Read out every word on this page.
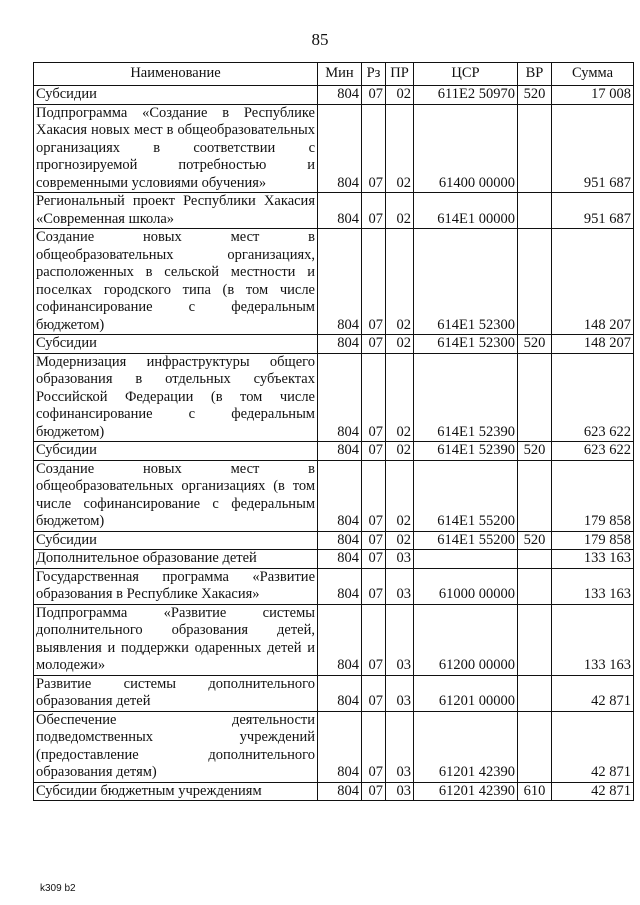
85
Наименование	Мин	Рз	ПР	ЦСР	ВР	Сумма
Субсидии	804	07	02	611E2 50970	520	17 008
Подпрограмма «Создание в Республике Хакасия новых мест в общеобразовательных организациях в соответствии с прогнозируемой потребностью и современными условиями обучения»	804	07	02	61400 00000		951 687
Региональный проект Республики Хакасия «Современная школа»	804	07	02	614E1 00000		951 687
Создание новых мест в общеобразовательных организациях, расположенных в сельской местности и поселках городского типа (в том числе софинансирование с федеральным бюджетом)	804	07	02	614E1 52300		148 207
Субсидии	804	07	02	614E1 52300	520	148 207
Модернизация инфраструктуры общего образования в отдельных субъектах Российской Федерации (в том числе софинансирование с федеральным бюджетом)	804	07	02	614E1 52390		623 622
Субсидии	804	07	02	614E1 52390	520	623 622
Создание новых мест в общеобразовательных организациях (в том числе софинансирование с федеральным бюджетом)	804	07	02	614E1 55200		179 858
Субсидии	804	07	02	614E1 55200	520	179 858
Дополнительное образование детей	804	07	03			133 163
Государственная программа «Развитие образования в Республике Хакасия»	804	07	03	61000 00000		133 163
Подпрограмма «Развитие системы дополнительного образования детей, выявления и поддержки одаренных детей и молодежи»	804	07	03	61200 00000		133 163
Развитие системы дополнительного образования детей	804	07	03	61201 00000		42 871
Обеспечение деятельности подведомственных учреждений (предоставление дополнительного образования детям)	804	07	03	61201 42390		42 871
Субсидии бюджетным учреждениям	804	07	03	61201 42390	610	42 871
k309 b2
